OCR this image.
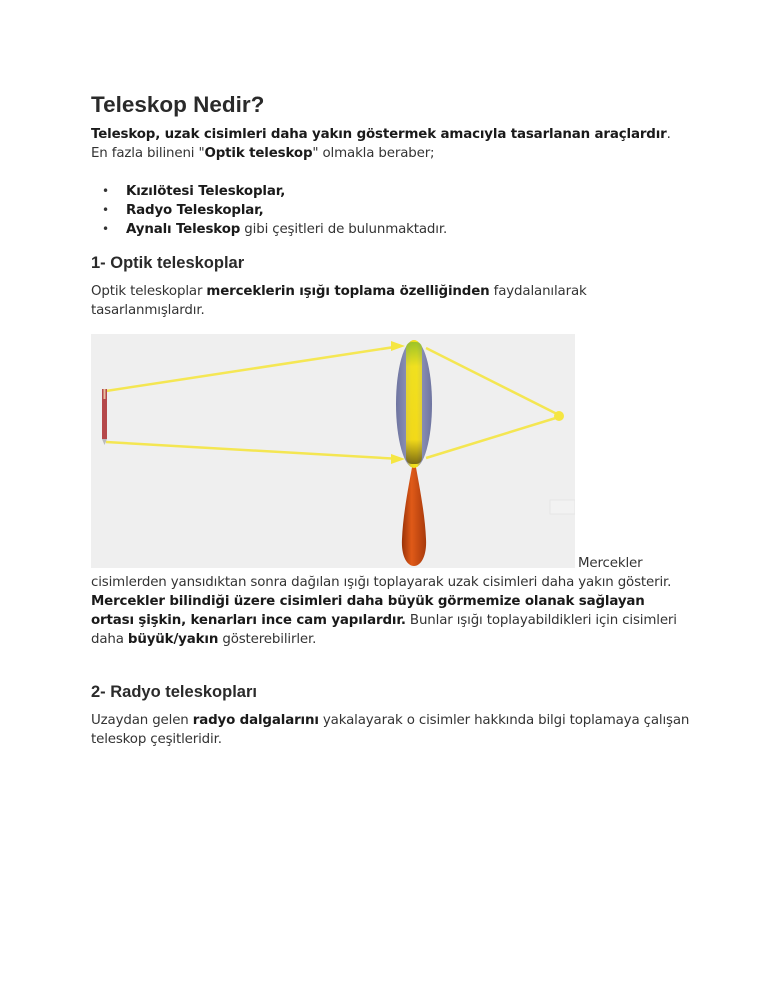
Teleskop Nedir?

Teleskop, uzak cisimleri daha yakın göstermek amacıyla tasarlanan araçlardır. En fazla bilineni "Optik teleskop" olmakla beraber;

• Kızılötesi Teleskoplar,
• Radyo Teleskoplar,
• Aynalı Teleskop gibi çeşitleri de bulunmaktadır.
1- Optik teleskoplar

Optik teleskoplar merceklerin ışığı toplama özelliğinden faydalanılarak tasarlanmışlardır.

Mercekler
cisimlerden yansıdıktan sonra dağılan ışığı toplayarak uzak cisimleri daha yakın gösterir.
Mercekler bilindiği üzere cisimleri daha büyük görmemize olanak sağlayan ortası şişkin, kenarları ince cam yapılardır. Bunlar ışığı toplayabildikleri için cisimleri daha büyük/yakın gösterebilirler.
2- Radyo teleskopları

Uzaydan gelen radyo dalgalarını yakalayarak o cisimler hakkında bilgi toplamaya çalışan teleskop çeşitleridir.
